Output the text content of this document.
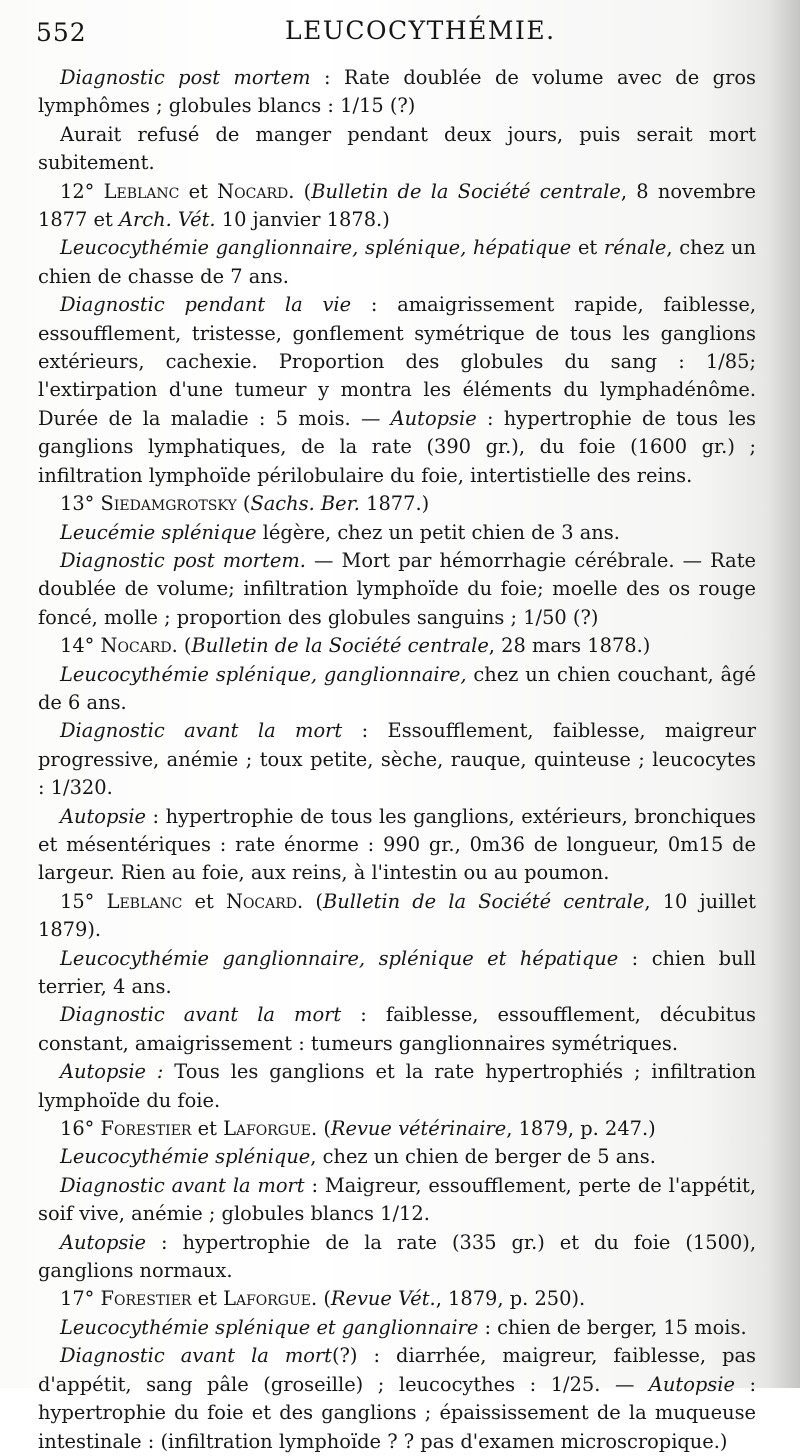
552	LEUCOCYTHÉMIE.

Diagnostic post mortem : Rate doublée de volume avec de gros lymphômes ; globules blancs : 1/15 (?)

Aurait refusé de manger pendant deux jours, puis serait mort subitement.

12° Leblanc et Nocard. (Bulletin de la Société centrale, 8 novembre 1877 et Arch. Vét. 10 janvier 1878.)

Leucocythémie ganglionnaire, splénique, hépatique et rénale, chez un chien de chasse de 7 ans.

Diagnostic pendant la vie : amaigrissement rapide, faiblesse, essoufflement, tristesse, gonflement symétrique de tous les ganglions extérieurs, cachexie. Proportion des globules du sang : 1/85; l'extirpation d'une tumeur y montra les éléments du lymphadénôme. Durée de la maladie : 5 mois. — Autopsie : hypertrophie de tous les ganglions lymphatiques, de la rate (390 gr.), du foie (1600 gr.) ; infiltration lymphoïde périlobulaire du foie, intertistielle des reins.

13° Siedamgrotsky (Sachs. Ber. 1877.)

Leucémie splénique légère, chez un petit chien de 3 ans.

Diagnostic post mortem. — Mort par hémorrhagie cérébrale. — Rate doublée de volume; infiltration lymphoïde du foie; moelle des os rouge foncé, molle ; proportion des globules sanguins ; 1/50 (?)

14° Nocard. (Bulletin de la Société centrale, 28 mars 1878.)

Leucocythémie splénique, ganglionnaire, chez un chien couchant, âgé de 6 ans.

Diagnostic avant la mort : Essoufflement, faiblesse, maigreur progressive, anémie ; toux petite, sèche, rauque, quinteuse ; leucocytes : 1/320.

Autopsie : hypertrophie de tous les ganglions, extérieurs, bronchiques et mésentériques : rate énorme : 990 gr., 0m36 de longueur, 0m15 de largeur. Rien au foie, aux reins, à l'intestin ou au poumon.

15° Leblanc et Nocard. (Bulletin de la Société centrale, 10 juillet 1879).

Leucocythémie ganglionnaire, splénique et hépatique : chien bull terrier, 4 ans.

Diagnostic avant la mort : faiblesse, essoufflement, décubitus constant, amaigrissement : tumeurs ganglionnaires symétriques.

Autopsie : Tous les ganglions et la rate hypertrophiés ; infiltration lymphoïde du foie.

16° Forestier et Laforgue. (Revue vétérinaire, 1879, p. 247.)

Leucocythémie splénique, chez un chien de berger de 5 ans.

Diagnostic avant la mort : Maigreur, essoufflement, perte de l'appétit, soif vive, anémie ; globules blancs 1/12.

Autopsie : hypertrophie de la rate (335 gr.) et du foie (1500), ganglions normaux.

17° Forestier et Laforgue. (Revue Vét., 1879, p. 250).

Leucocythémie splénique et ganglionnaire : chien de berger, 15 mois.

Diagnostic avant la mort(?) : diarrhée, maigreur, faiblesse, pas d'appétit, sang pâle (groseille) ; leucocythes : 1/25. — Autopsie : hypertrophie du foie et des ganglions ; épaississement de la muqueuse intestinale : (infiltration lymphoïde ? ? pas d'examen microscropique.)
